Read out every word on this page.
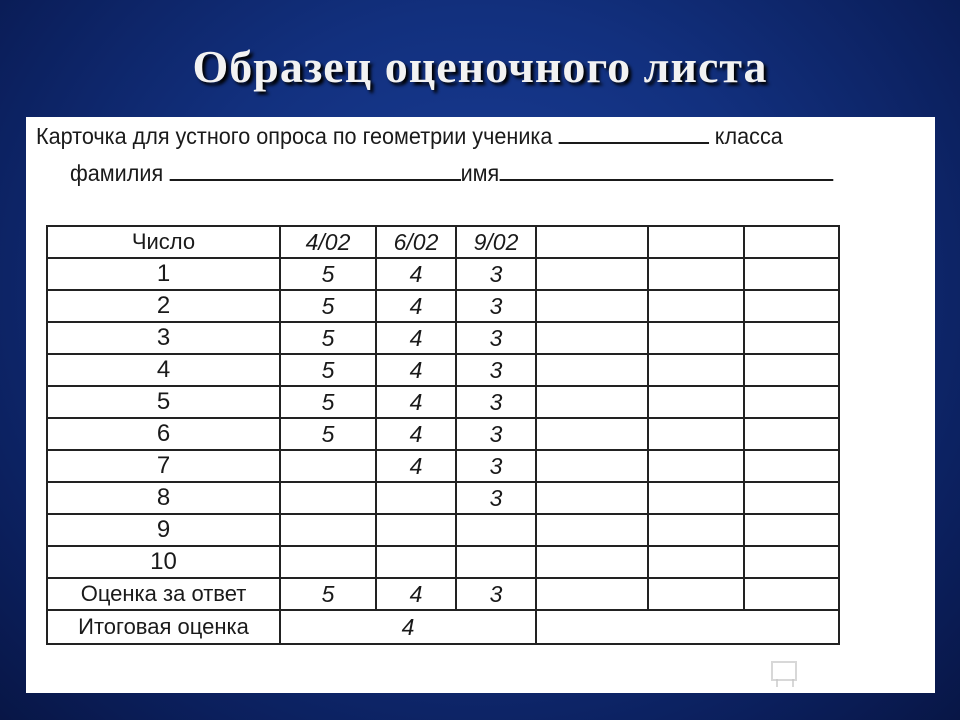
Образец оценочного листа
Карточка для устного опроса по геометрии ученика	класса
фамилия	имя
Число	4/02	6/02	9/02			
1	5	4	3			
2	5	4	3			
3	5	4	3			
4	5	4	3			
5	5	4	3			
6	5	4	3			
7		4	3			
8			3			
9						
10						
Оценка за ответ	5	4	3			
Итоговая оценка	4					
Shared
